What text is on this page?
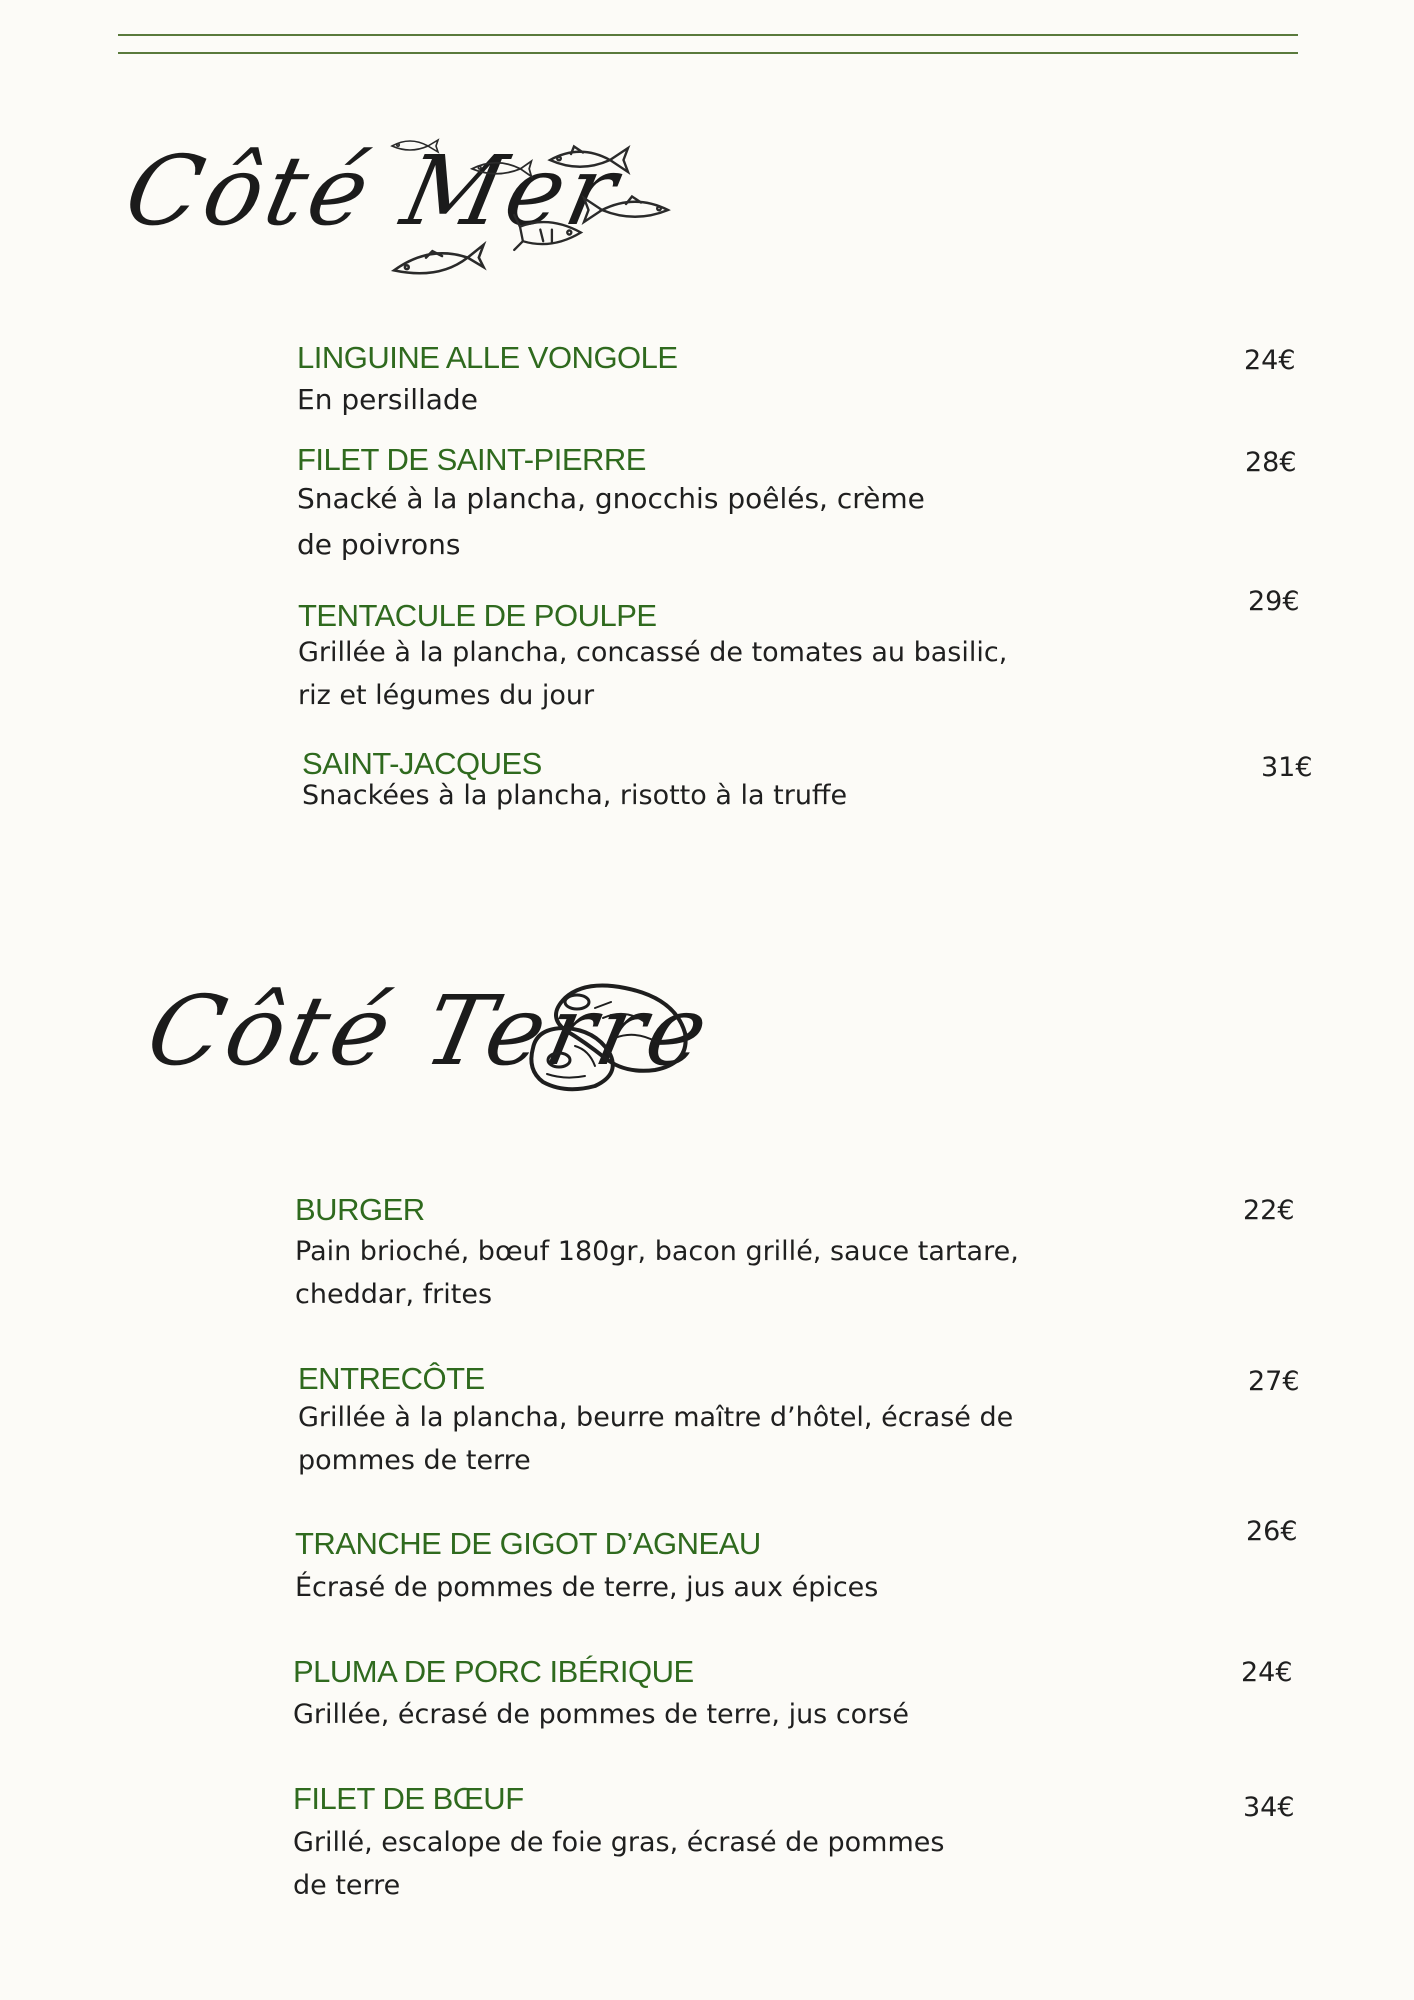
Côté Mer
LINGUINE ALLE VONGOLE
En persillade
24€
FILET DE SAINT-PIERRE
Snacké à la plancha, gnocchis poêlés, crème
de poivrons
28€
TENTACULE DE POULPE
Grillée à la plancha, concassé de tomates au basilic,
riz et légumes du jour
29€
SAINT-JACQUES
Snackées à la plancha, risotto à la truffe
31€
Côté Terre
BURGER
Pain brioché, bœuf 180gr, bacon grillé, sauce tartare,
cheddar, frites
22€
ENTRECÔTE
Grillée à la plancha, beurre maître d’hôtel, écrasé de
pommes de terre
27€
TRANCHE DE GIGOT D’AGNEAU
Écrasé de pommes de terre, jus aux épices
26€
PLUMA DE PORC IBÉRIQUE
Grillée, écrasé de pommes de terre, jus corsé
24€
FILET DE BŒUF
Grillé, escalope de foie gras, écrasé de pommes
de terre
34€
